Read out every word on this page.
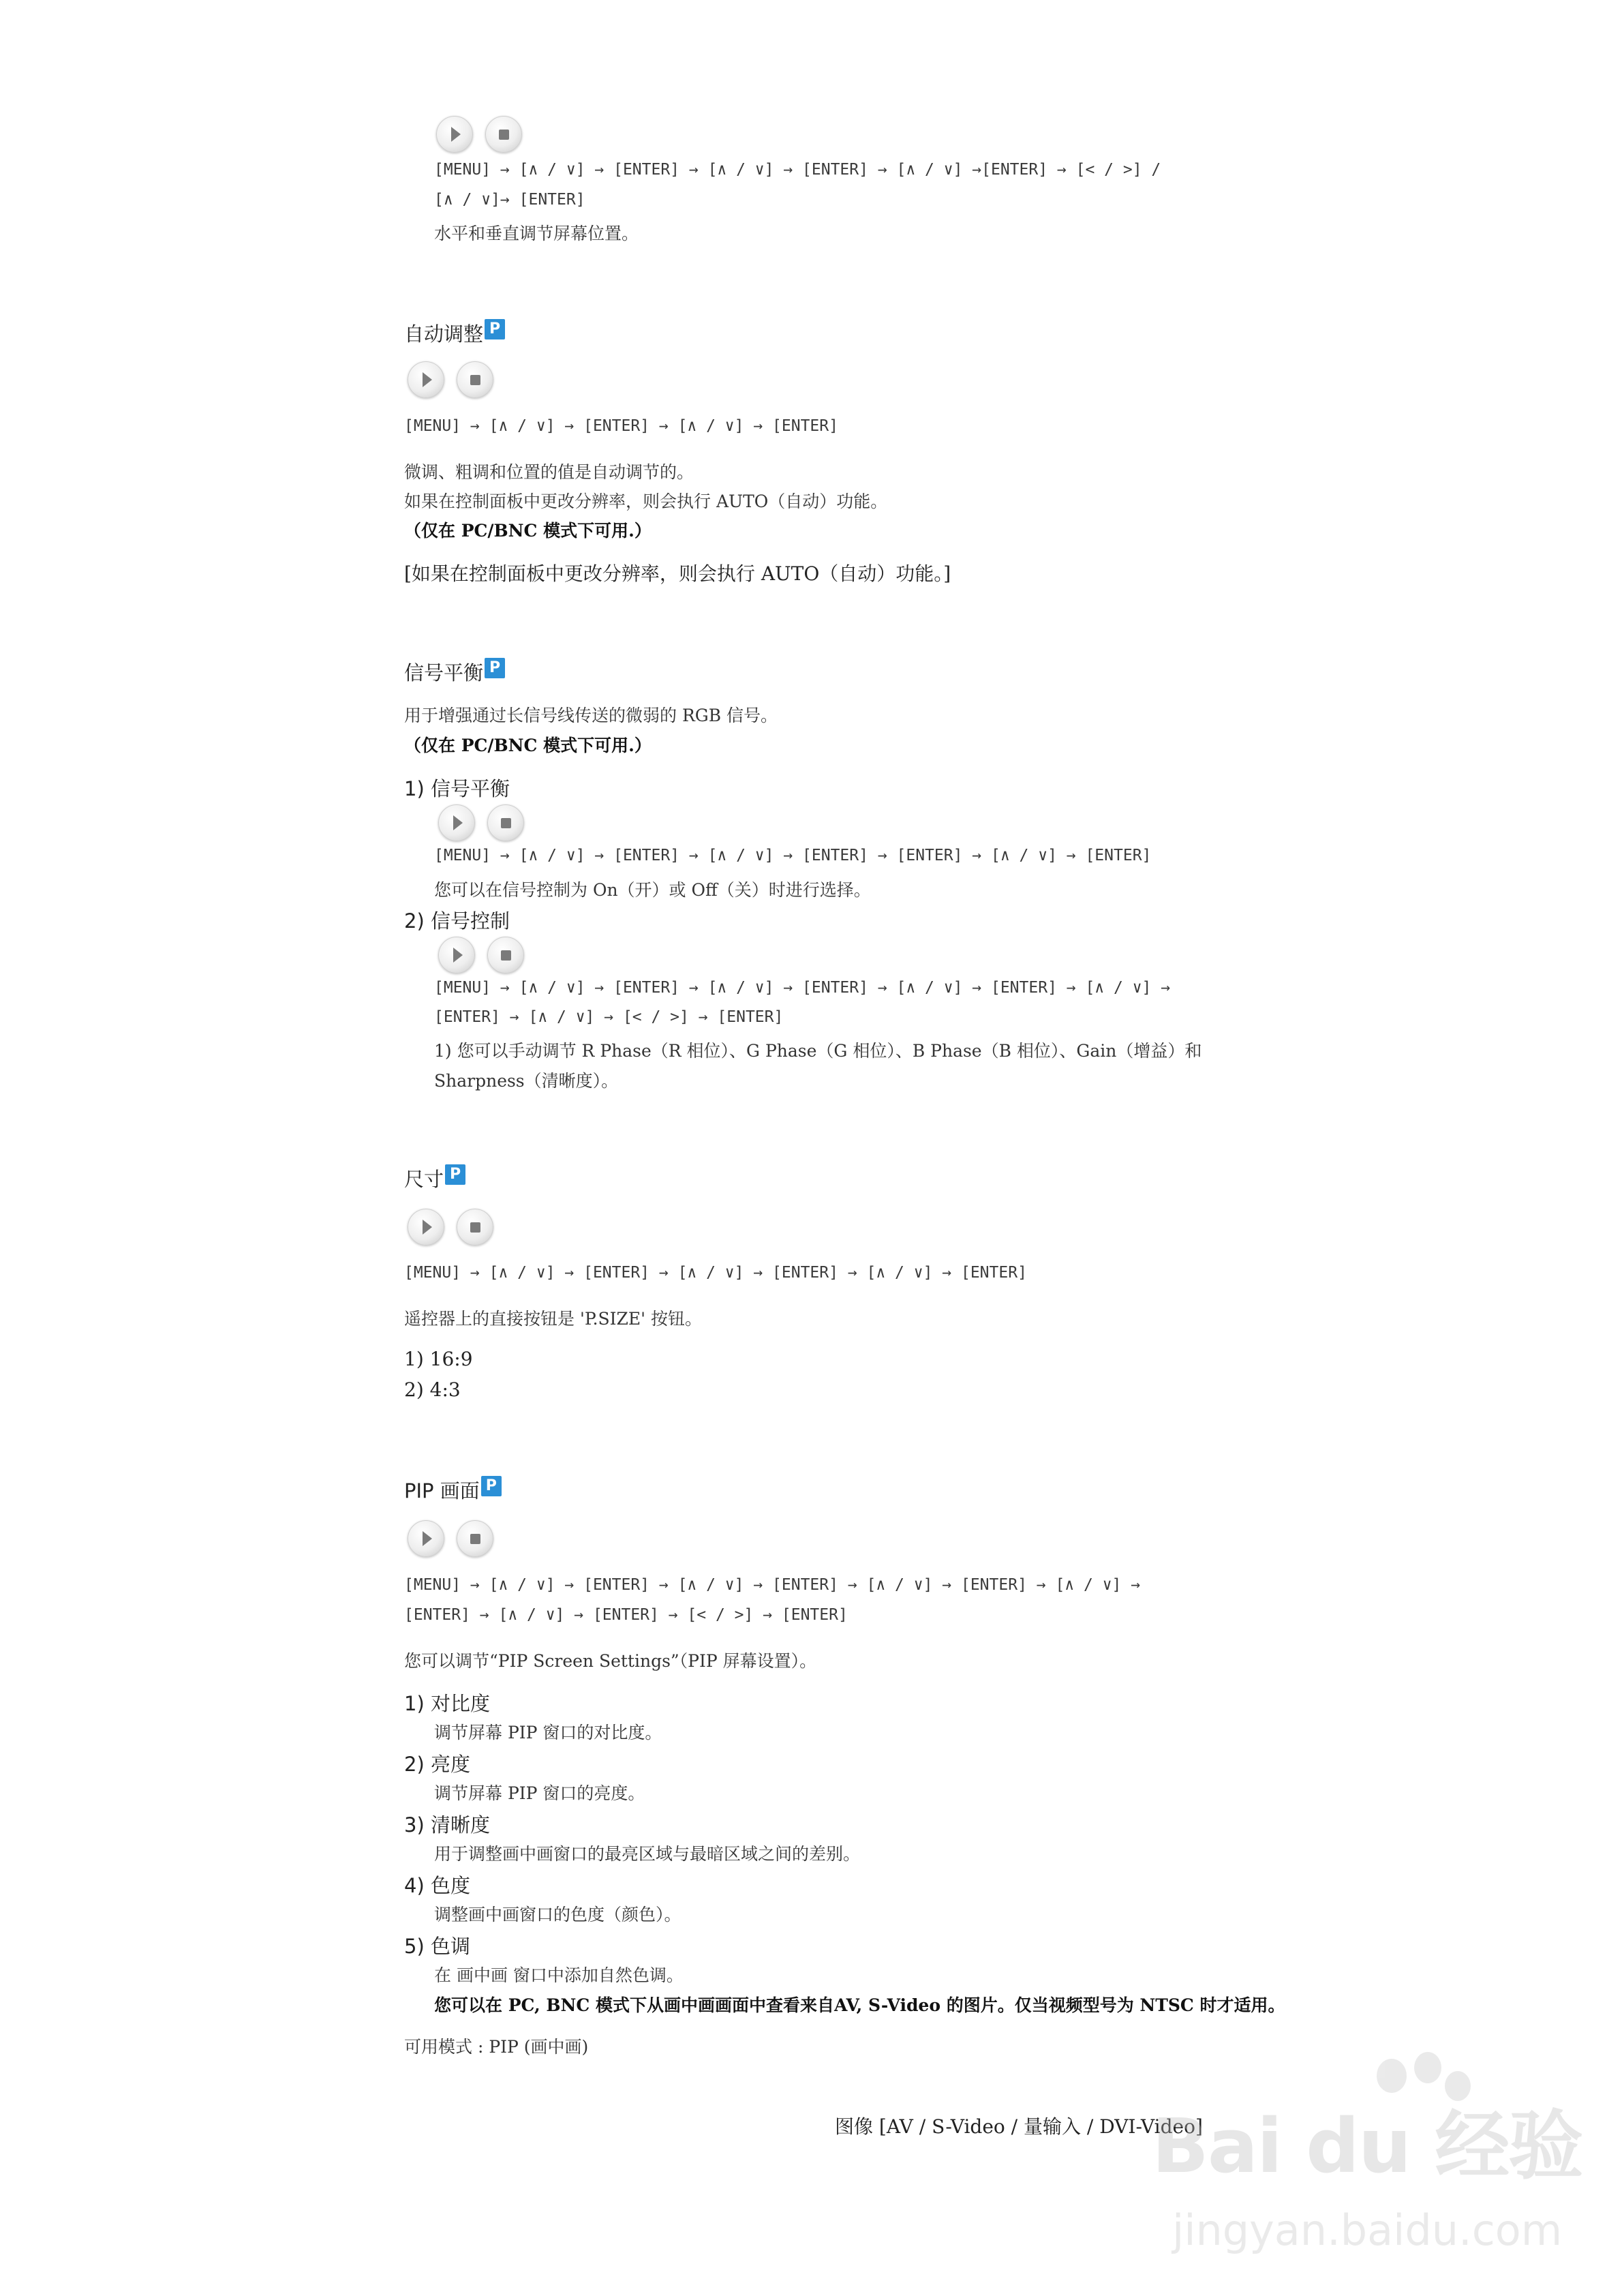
[MENU] → [∧ / ∨] → [ENTER] → [∧ / ∨] → [ENTER] → [∧ / ∨] →[ENTER] → [< / >] /
[∧ / ∨]→ [ENTER]
水平和垂直调节屏幕位置。
自动调整 P
[MENU] → [∧ / ∨] → [ENTER] → [∧ / ∨] → [ENTER]
微调、粗调和位置的值是自动调节的。
如果在控制面板中更改分辨率，则会执行 AUTO（自动）功能。
（仅在 PC/BNC 模式下可用.）
[如果在控制面板中更改分辨率，则会执行 AUTO（自动）功能。]
信号平衡 P
用于增强通过长信号线传送的微弱的 RGB 信号。
（仅在 PC/BNC 模式下可用.）
1) 信号平衡
[MENU] → [∧ / ∨] → [ENTER] → [∧ / ∨] → [ENTER] → [ENTER] → [∧ / ∨] → [ENTER]
您可以在信号控制为 On（开）或 Off（关）时进行选择。
2) 信号控制
[MENU] → [∧ / ∨] → [ENTER] → [∧ / ∨] → [ENTER] → [∧ / ∨] → [ENTER] → [∧ / ∨] →
[ENTER] → [∧ / ∨] → [< / >] → [ENTER]
1) 您可以手动调节 R Phase（R 相位）、G Phase（G 相位）、B Phase（B 相位）、Gain（增益）和
Sharpness（清晰度）。
尺寸 P
[MENU] → [∧ / ∨] → [ENTER] → [∧ / ∨] → [ENTER] → [∧ / ∨] → [ENTER]
遥控器上的直接按钮是 'P.SIZE' 按钮。
1) 16:9
2) 4:3
PIP 画面 P
[MENU] → [∧ / ∨] → [ENTER] → [∧ / ∨] → [ENTER] → [∧ / ∨] → [ENTER] → [∧ / ∨] →
[ENTER] → [∧ / ∨] → [ENTER] → [< / >] → [ENTER]
您可以调节“PIP Screen Settings”（PIP 屏幕设置）。
1) 对比度
调节屏幕 PIP 窗口的对比度。
2) 亮度
调节屏幕 PIP 窗口的亮度。
3) 清晰度
用于调整画中画窗口的最亮区域与最暗区域之间的差别。
4) 色度
调整画中画窗口的色度（颜色）。
5) 色调
在 画中画 窗口中添加自然色调。
您可以在 PC, BNC 模式下从画中画画面中查看来自AV, S-Video 的图片。仅当视频型号为 NTSC 时才适用。
可用模式 : PIP (画中画)
图像 [AV / S-Video / 量输入 / DVI-Video]
Bai du 经验
jingyan.baidu.com
